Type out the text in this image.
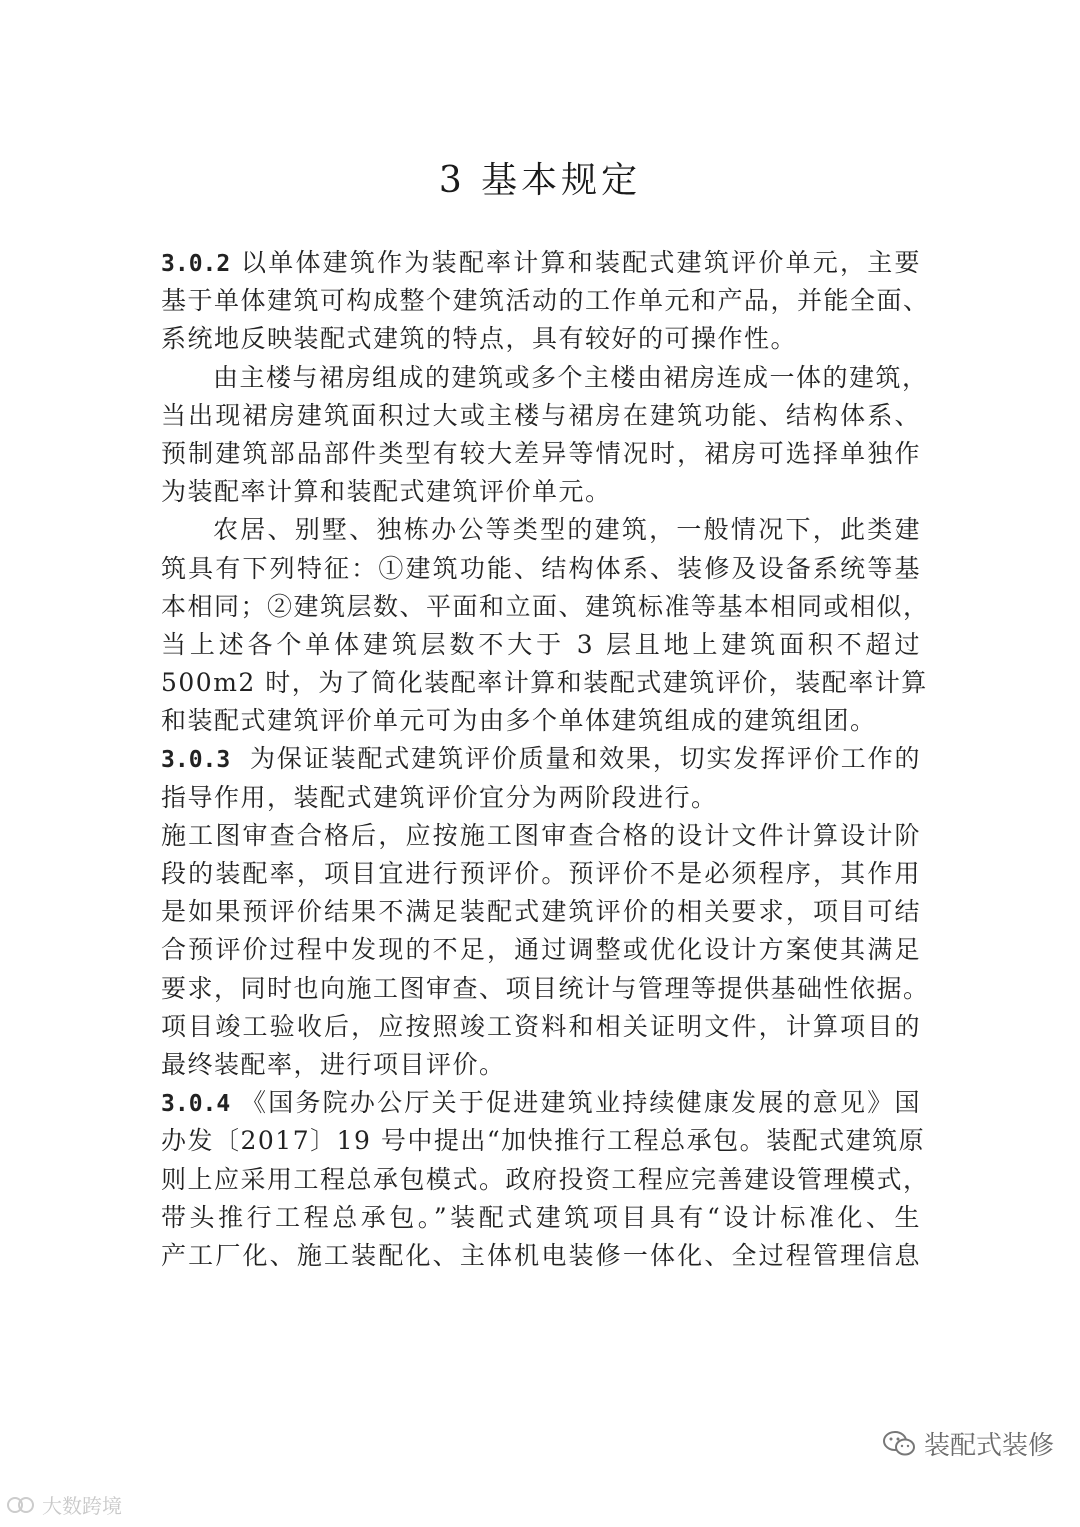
3 基本规定
3.0.2 以单体建筑作为装配率计算和装配式建筑评价单元，主要
基于单体建筑可构成整个建筑活动的工作单元和产品，并能全面、
系统地反映装配式建筑的特点，具有较好的可操作性。
由主楼与裙房组成的建筑或多个主楼由裙房连成一体的建筑，
当出现裙房建筑面积过大或主楼与裙房在建筑功能、结构体系、
预制建筑部品部件类型有较大差异等情况时，裙房可选择单独作
为装配率计算和装配式建筑评价单元。
农居、别墅、独栋办公等类型的建筑，一般情况下，此类建
筑具有下列特征：①建筑功能、结构体系、装修及设备系统等基
本相同；②建筑层数、平面和立面、建筑标准等基本相同或相似，
当上述各个单体建筑层数不大于 3 层且地上建筑面积不超过
500m2 时，为了简化装配率计算和装配式建筑评价，装配率计算
和装配式建筑评价单元可为由多个单体建筑组成的建筑组团。
3.0.3 为保证装配式建筑评价质量和效果，切实发挥评价工作的
指导作用，装配式建筑评价宜分为两阶段进行。
施工图审查合格后，应按施工图审查合格的设计文件计算设计阶
段的装配率，项目宜进行预评价。预评价不是必须程序，其作用
是如果预评价结果不满足装配式建筑评价的相关要求，项目可结
合预评价过程中发现的不足，通过调整或优化设计方案使其满足
要求，同时也向施工图审查、项目统计与管理等提供基础性依据。
项目竣工验收后，应按照竣工资料和相关证明文件，计算项目的
最终装配率，进行项目评价。
3.0.4 《国务院办公厅关于促进建筑业持续健康发展的意见》国
办发〔2017〕19 号中提出“加快推行工程总承包。装配式建筑原
则上应采用工程总承包模式。政府投资工程应完善建设管理模式，
带头推行工程总承包。”装配式建筑项目具有“设计标准化、生
产工厂化、施工装配化、主体机电装修一体化、全过程管理信息
装配式装修
大数跨境
